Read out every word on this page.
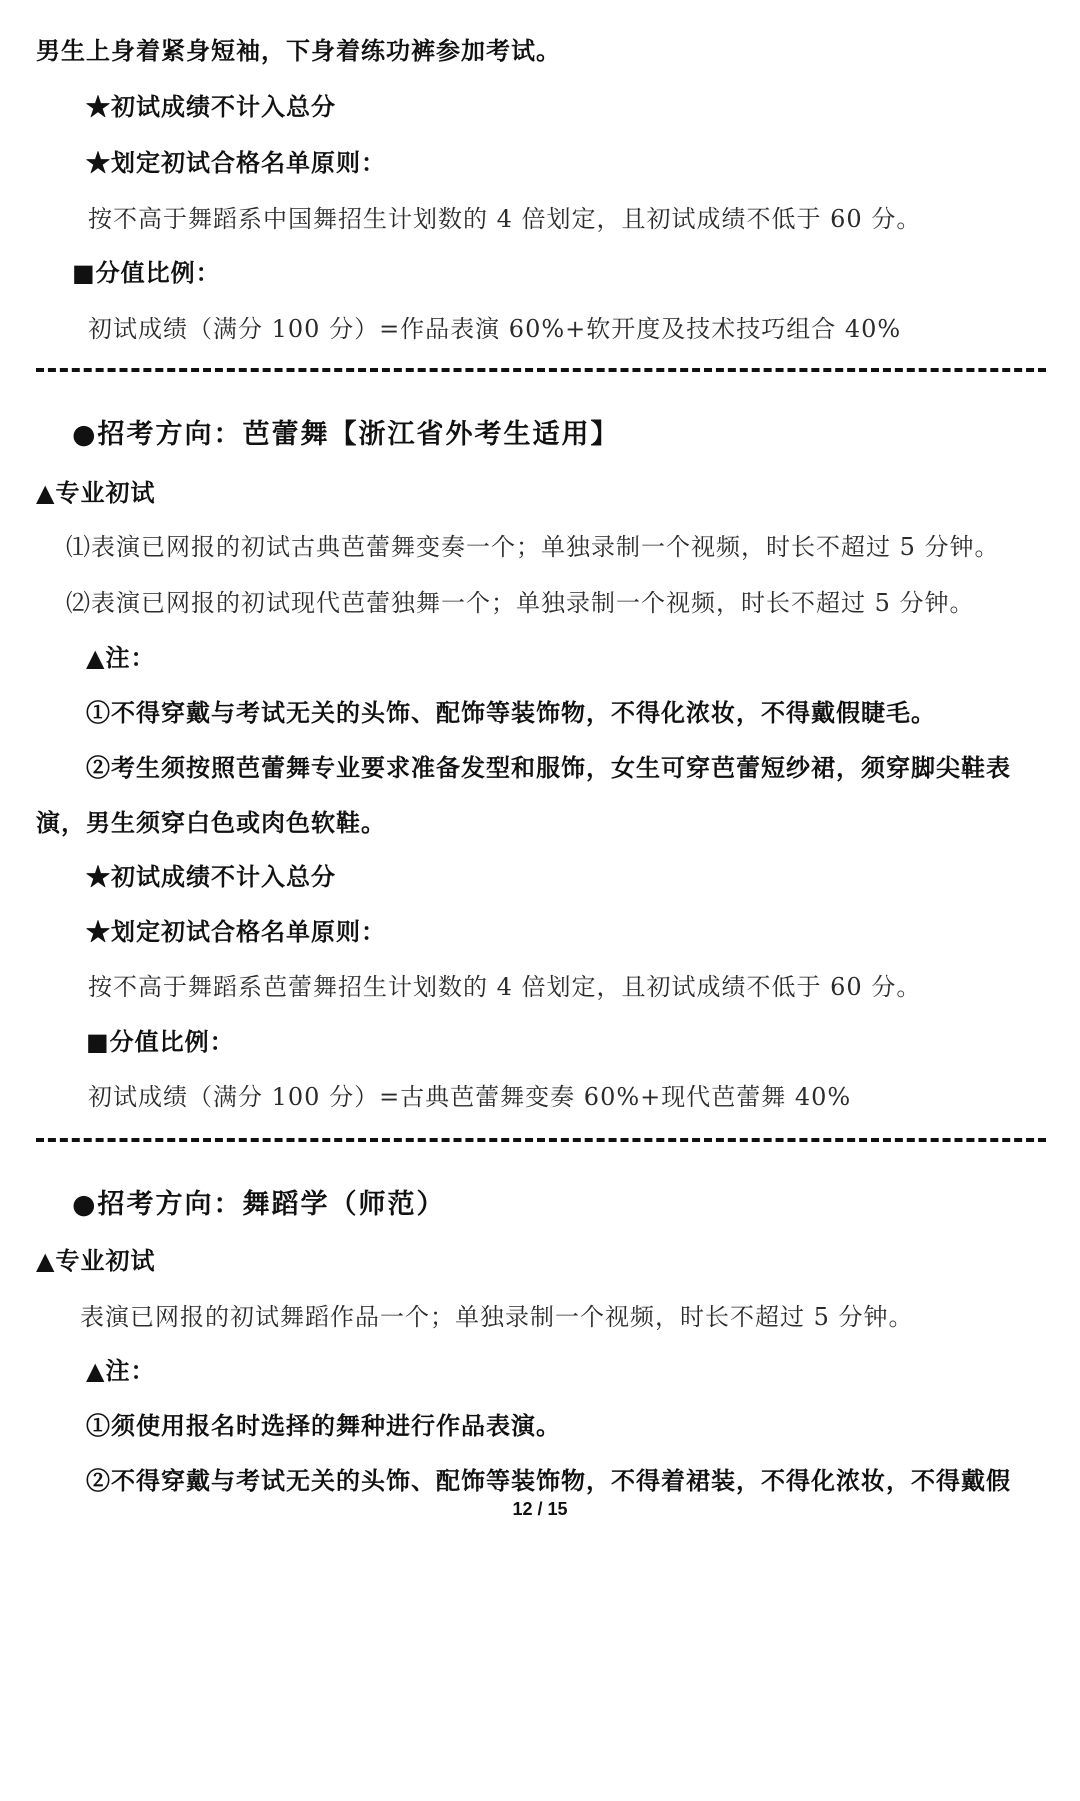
男生上身着紧身短袖，下身着练功裤参加考试。
★初试成绩不计入总分
★划定初试合格名单原则：
按不高于舞蹈系中国舞招生计划数的 4 倍划定，且初试成绩不低于 60 分。
■分值比例：
初试成绩（满分 100 分）=作品表演 60%+软开度及技术技巧组合 40%
●招考方向：芭蕾舞【浙江省外考生适用】
▲专业初试
⑴表演已网报的初试古典芭蕾舞变奏一个；单独录制一个视频，时长不超过 5 分钟。
⑵表演已网报的初试现代芭蕾独舞一个；单独录制一个视频，时长不超过 5 分钟。
▲注：
①不得穿戴与考试无关的头饰、配饰等装饰物，不得化浓妆，不得戴假睫毛。
②考生须按照芭蕾舞专业要求准备发型和服饰，女生可穿芭蕾短纱裙，须穿脚尖鞋表
演，男生须穿白色或肉色软鞋。
★初试成绩不计入总分
★划定初试合格名单原则：
按不高于舞蹈系芭蕾舞招生计划数的 4 倍划定，且初试成绩不低于 60 分。
■分值比例：
初试成绩（满分 100 分）=古典芭蕾舞变奏 60%+现代芭蕾舞 40%
●招考方向：舞蹈学（师范）
▲专业初试
表演已网报的初试舞蹈作品一个；单独录制一个视频，时长不超过 5 分钟。
▲注：
①须使用报名时选择的舞种进行作品表演。
②不得穿戴与考试无关的头饰、配饰等装饰物，不得着裙装，不得化浓妆，不得戴假
12 / 15
